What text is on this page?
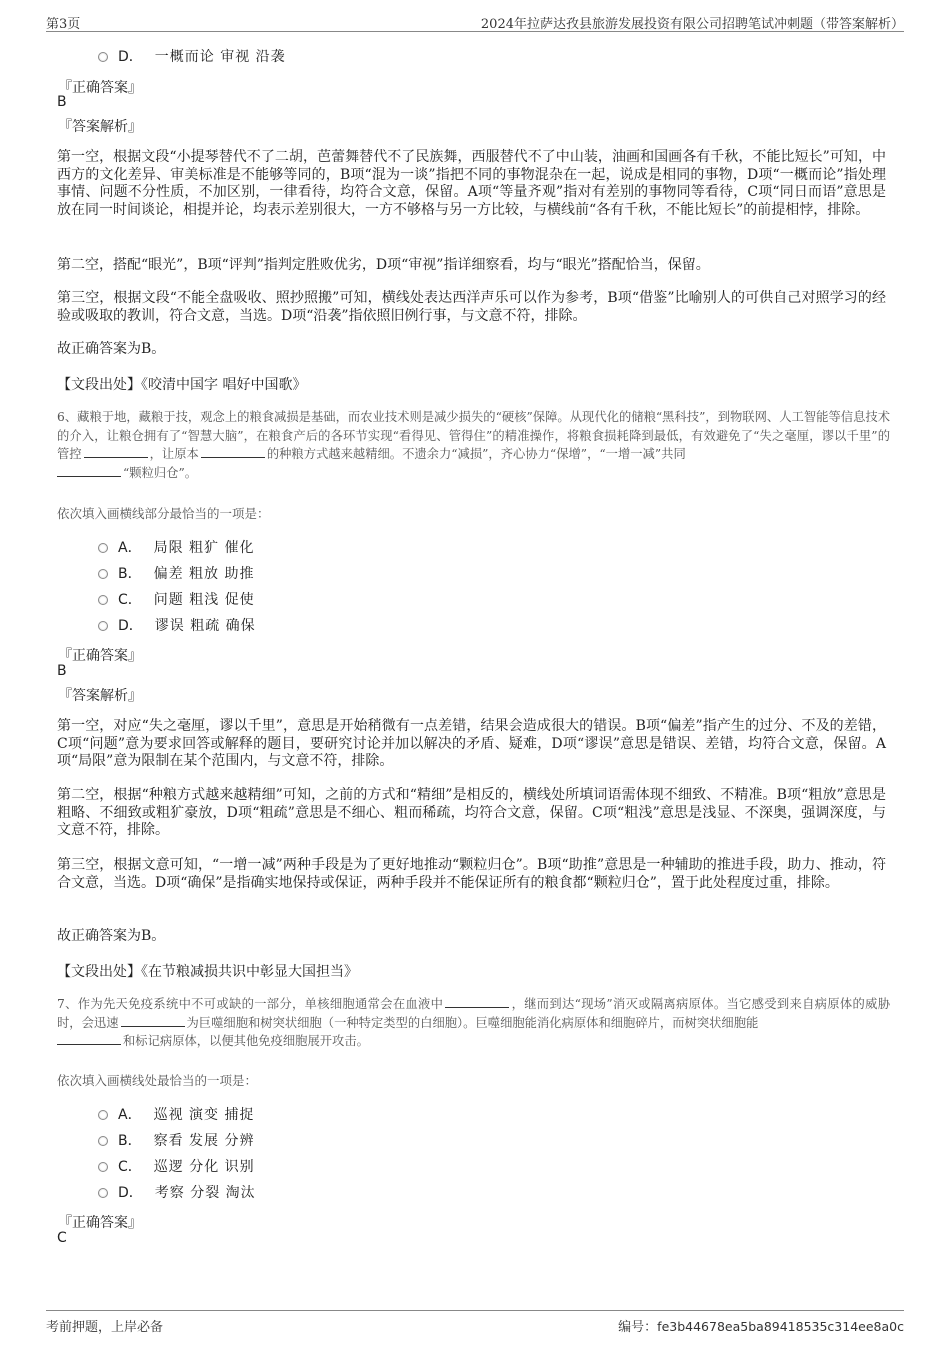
第3页	2024年拉萨达孜县旅游发展投资有限公司招聘笔试冲刺题（带答案解析）
D． 一概而论 审视 沿袭
『正确答案』
B
『答案解析』
第一空，根据文段“小提琴替代不了二胡，芭蕾舞替代不了民族舞，西服替代不了中山装，油画和国画各有千秋，不能比短长”可知，中西方的文化差异、审美标准是不能够等同的，B项“混为一谈”指把不同的事物混杂在一起，说成是相同的事物，D项“一概而论”指处理事情、问题不分性质，不加区别，一律看待，均符合文意，保留。A项“等量齐观”指对有差别的事物同等看待，C项“同日而语”意思是放在同一时间谈论，相提并论，均表示差别很大，一方不够格与另一方比较，与横线前“各有千秋，不能比短长”的前提相悖，排除。
第二空，搭配“眼光”，B项“评判”指判定胜败优劣，D项“审视”指详细察看，均与“眼光”搭配恰当，保留。
第三空，根据文段“不能全盘吸收、照抄照搬”可知，横线处表达西洋声乐可以作为参考，B项“借鉴”比喻别人的可供自己对照学习的经验或吸取的教训，符合文意，当选。D项“沿袭”指依照旧例行事，与文意不符，排除。
故正确答案为B。
【文段出处】《咬清中国字 唱好中国歌》
6、藏粮于地，藏粮于技，观念上的粮食减损是基础，而农业技术则是减少损失的“硬核”保障。从现代化的储粮“黑科技”，到物联网、人工智能等信息技术的介入，让粮仓拥有了“智慧大脑”，在粮食产后的各环节实现“看得见、管得住”的精准操作，将粮食损耗降到最低，有效避免了“失之毫厘，谬以千里”的管控	，让原本	的种粮方式越来越精细。不遗余力“减损”，齐心协力“保增”，“一增一减”共同
“颗粒归仓”。
依次填入画横线部分最恰当的一项是：
A． 局限 粗犷 催化
B． 偏差 粗放 助推
C． 问题 粗浅 促使
D． 谬误 粗疏 确保
『正确答案』
B
『答案解析』
第一空，对应“失之毫厘，谬以千里”，意思是开始稍微有一点差错，结果会造成很大的错误。B项“偏差”指产生的过分、不及的差错，C项“问题”意为要求回答或解释的题目，要研究讨论并加以解决的矛盾、疑难，D项“谬误”意思是错误、差错，均符合文意，保留。A项“局限”意为限制在某个范围内，与文意不符，排除。
第二空，根据“种粮方式越来越精细”可知，之前的方式和“精细”是相反的，横线处所填词语需体现不细致、不精准。B项“粗放”意思是粗略、不细致或粗犷豪放，D项“粗疏”意思是不细心、粗而稀疏，均符合文意，保留。C项“粗浅”意思是浅显、不深奥，强调深度，与文意不符，排除。
第三空，根据文意可知，“一增一减”两种手段是为了更好地推动“颗粒归仓”。B项“助推”意思是一种辅助的推进手段，助力、推动，符合文意，当选。D项“确保”是指确实地保持或保证，两种手段并不能保证所有的粮食都“颗粒归仓”，置于此处程度过重，排除。
故正确答案为B。
【文段出处】《在节粮减损共识中彰显大国担当》
7、作为先天免疫系统中不可或缺的一部分，单核细胞通常会在血液中	，继而到达“现场”消灭或隔离病原体。当它感受到来自病原体的威胁时，会迅速	为巨噬细胞和树突状细胞（一种特定类型的白细胞）。巨噬细胞能消化病原体和细胞碎片，而树突状细胞能
和标记病原体，以便其他免疫细胞展开攻击。
依次填入画横线处最恰当的一项是：
A． 巡视 演变 捕捉
B． 察看 发展 分辨
C． 巡逻 分化 识别
D． 考察 分裂 淘汰
『正确答案』
C
考前押题，上岸必备	编号：fe3b44678ea5ba89418535c314ee8a0c
